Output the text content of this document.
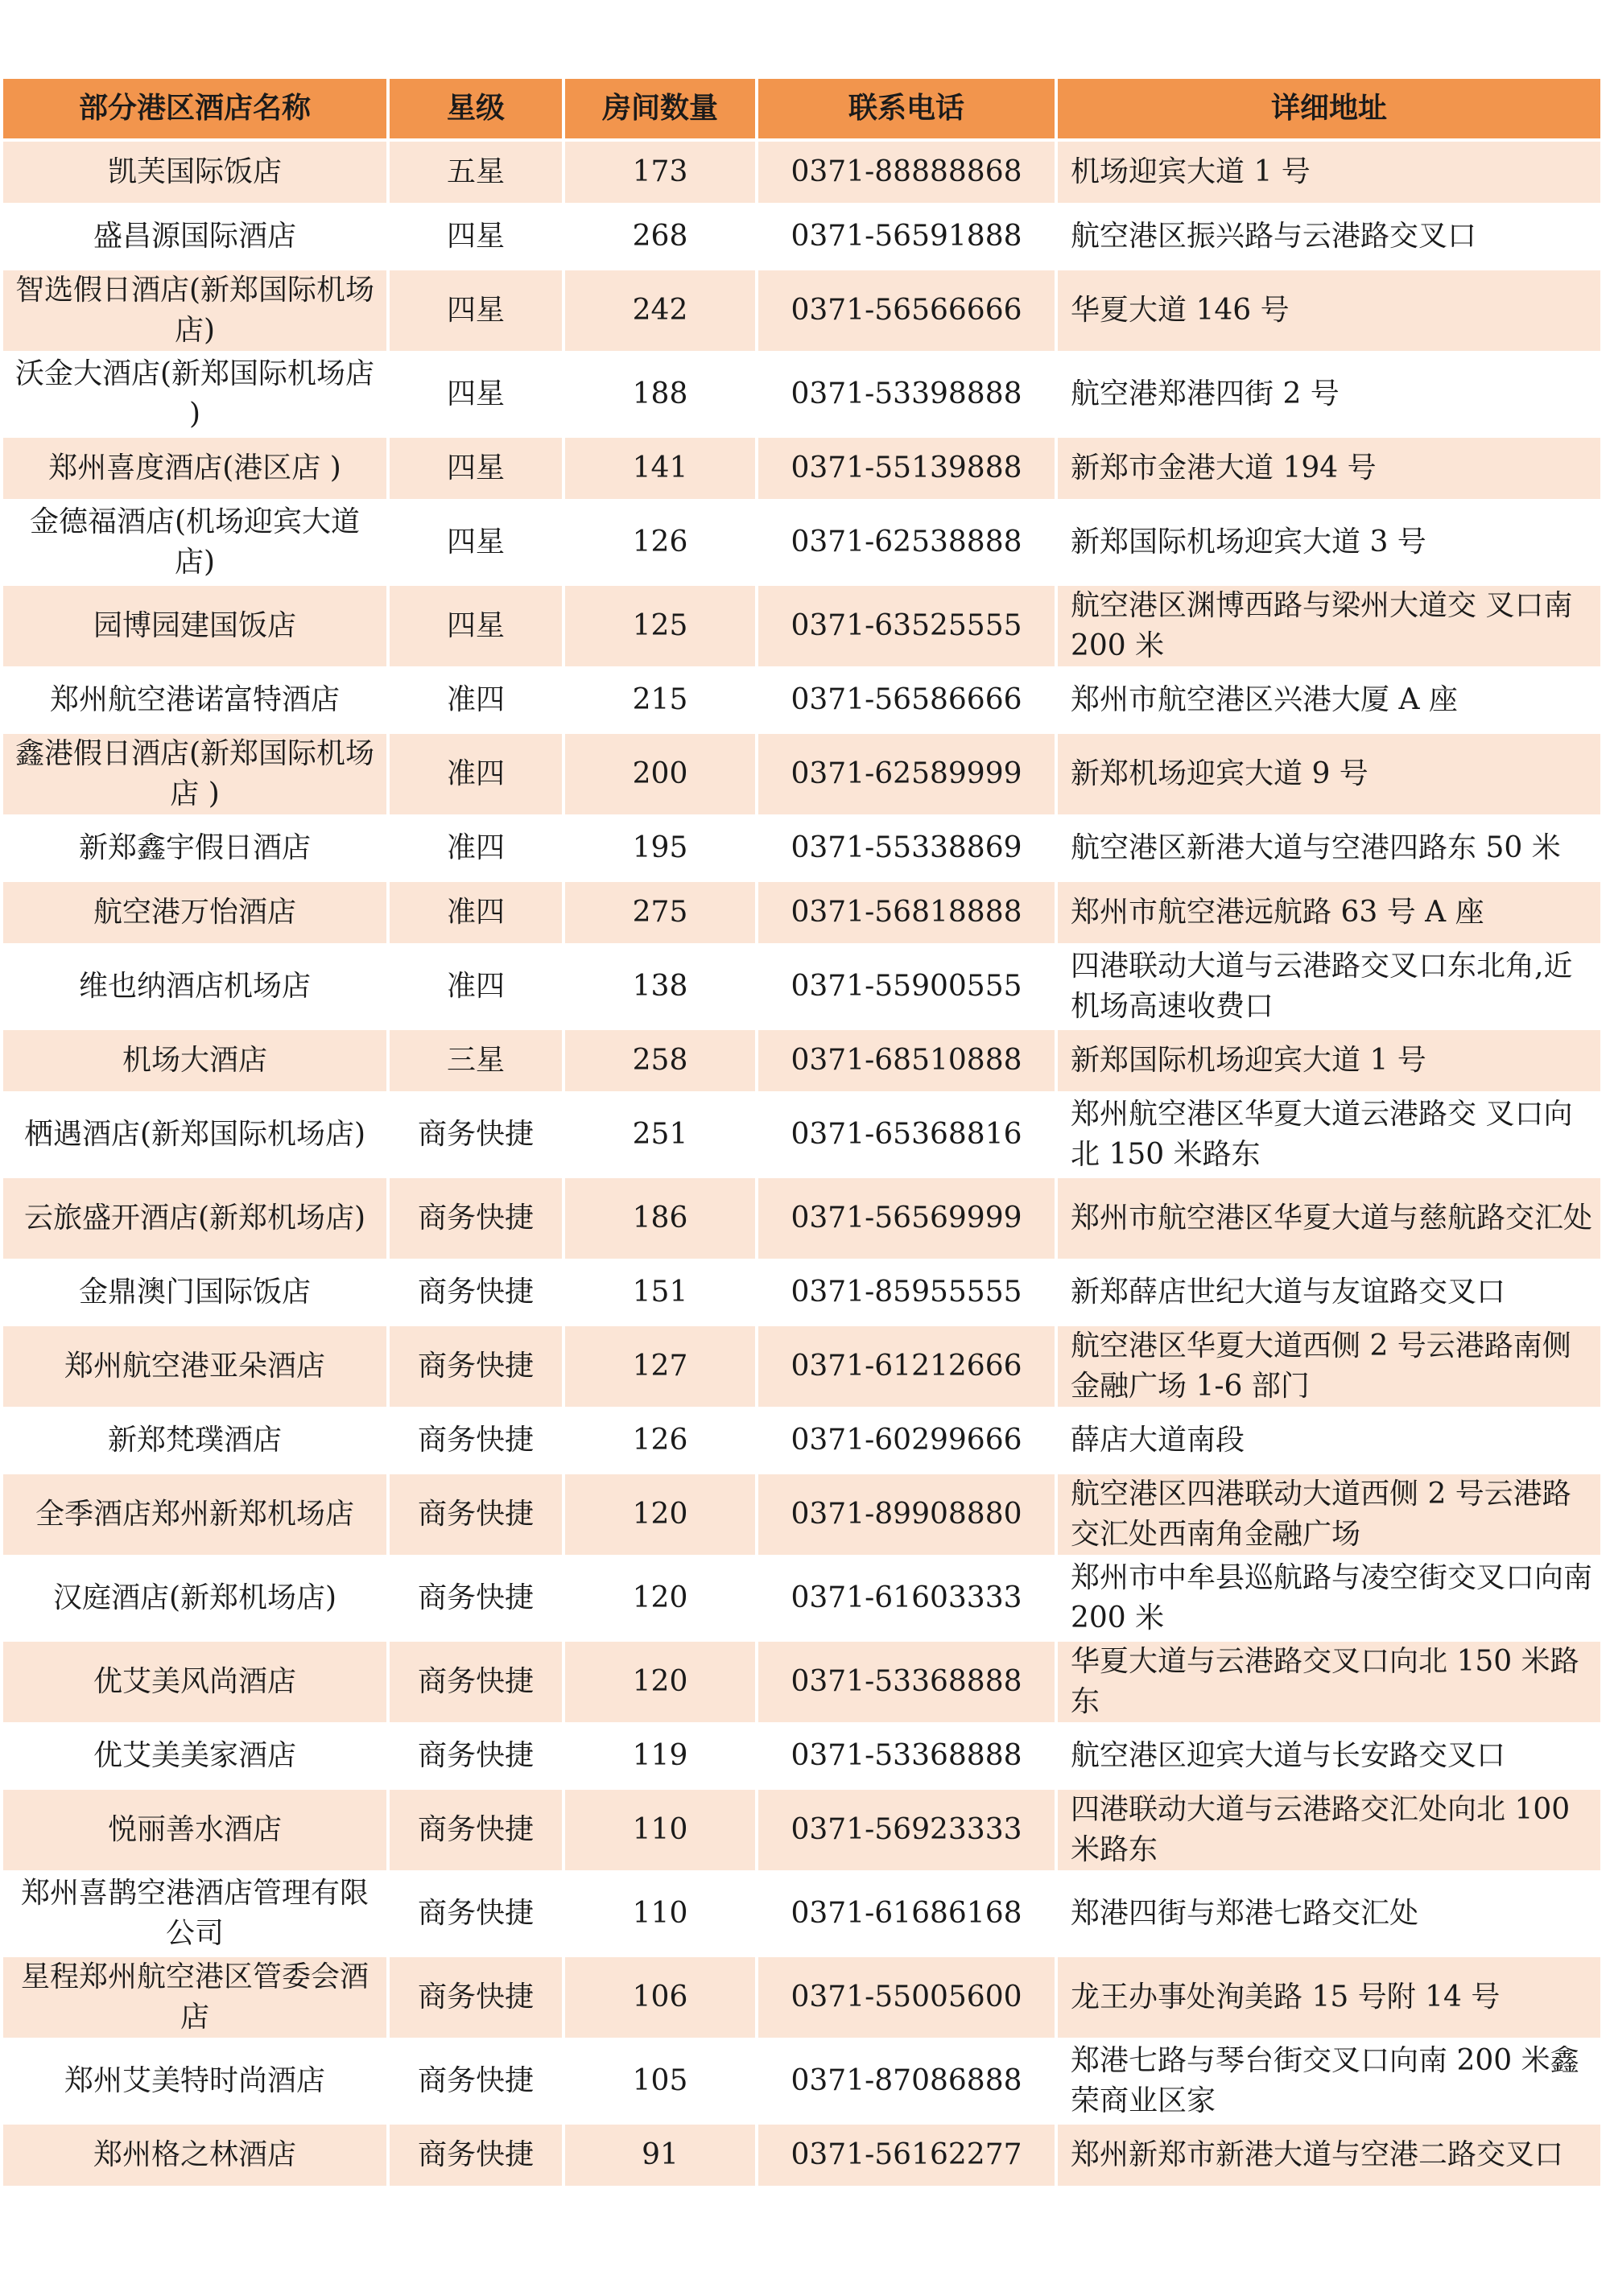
部分港区酒店名称	星级	房间数量	联系电话	详细地址
凯芙国际饭店	五星	173	0371-88888868	机场迎宾大道 1 号
盛昌源国际酒店	四星	268	0371-56591888	航空港区振兴路与云港路交叉口
智选假日酒店(新郑国际机场店)	四星	242	0371-56566666	华夏大道 146 号
沃金大酒店(新郑国际机场店 )	四星	188	0371-53398888	航空港郑港四街 2 号
郑州喜度酒店(港区店 )	四星	141	0371-55139888	新郑市金港大道 194 号
金德福酒店(机场迎宾大道店)	四星	126	0371-62538888	新郑国际机场迎宾大道 3 号
园博园建国饭店	四星	125	0371-63525555	航空港区渊博西路与梁州大道交 叉口南 200 米
郑州航空港诺富特酒店	准四	215	0371-56586666	郑州市航空港区兴港大厦 A 座
鑫港假日酒店(新郑国际机场店 )	准四	200	0371-62589999	新郑机场迎宾大道 9 号
新郑鑫宇假日酒店	准四	195	0371-55338869	航空港区新港大道与空港四路东 50 米
航空港万怡酒店	准四	275	0371-56818888	郑州市航空港远航路 63 号 A 座
维也纳酒店机场店	准四	138	0371-55900555	四港联动大道与云港路交叉口东北角,近机场高速收费口
机场大酒店	三星	258	0371-68510888	新郑国际机场迎宾大道 1 号
栖遇酒店(新郑国际机场店)	商务快捷	251	0371-65368816	郑州航空港区华夏大道云港路交 叉口向北 150 米路东
云旅盛开酒店(新郑机场店)	商务快捷	186	0371-56569999	郑州市航空港区华夏大道与慈航路交汇处
金鼎澳门国际饭店	商务快捷	151	0371-85955555	新郑薛店世纪大道与友谊路交叉口
郑州航空港亚朵酒店	商务快捷	127	0371-61212666	航空港区华夏大道西侧 2 号云港路南侧金融广场 1-6 部门
新郑梵璞酒店	商务快捷	126	0371-60299666	薛店大道南段
全季酒店郑州新郑机场店	商务快捷	120	0371-89908880	航空港区四港联动大道西侧 2 号云港路交汇处西南角金融广场
汉庭酒店(新郑机场店)	商务快捷	120	0371-61603333	郑州市中牟县巡航路与凌空街交叉口向南 200 米
优艾美风尚酒店	商务快捷	120	0371-53368888	华夏大道与云港路交叉口向北 150 米路东
优艾美美家酒店	商务快捷	119	0371-53368888	航空港区迎宾大道与长安路交叉口
悦丽善水酒店	商务快捷	110	0371-56923333	四港联动大道与云港路交汇处向北 100 米路东
郑州喜鹊空港酒店管理有限公司	商务快捷	110	0371-61686168	郑港四街与郑港七路交汇处
星程郑州航空港区管委会酒店	商务快捷	106	0371-55005600	龙王办事处洵美路 15 号附 14 号
郑州艾美特时尚酒店	商务快捷	105	0371-87086888	郑港七路与琴台街交叉口向南 200 米鑫荣商业区家
郑州格之林酒店	商务快捷	91	0371-56162277	郑州新郑市新港大道与空港二路交叉口
